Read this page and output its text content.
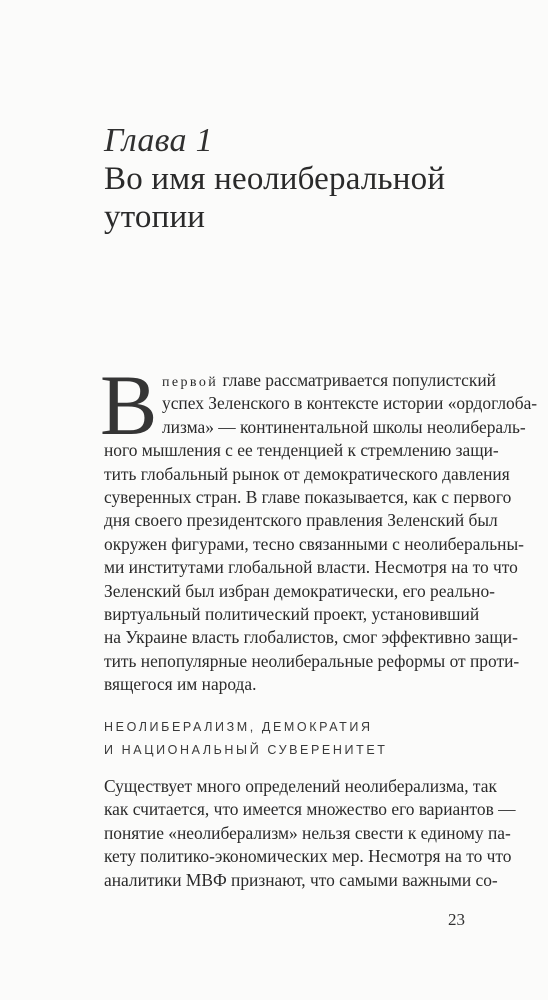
Глава 1
Во имя неолиберальной
утопии
В первой главе рассматривается популистский
успех Зеленского в контексте истории «ордоглоба-
лизма» — континентальной школы неолибераль-
ного мышления с ее тенденцией к стремлению защи-
тить глобальный рынок от демократического давления
суверенных стран. В главе показывается, как с первого
дня своего президентского правления Зеленский был
окружен фигурами, тесно связанными с неолиберальны-
ми институтами глобальной власти. Несмотря на то что
Зеленский был избран демократически, его реально-
виртуальный политический проект, установивший
на Украине власть глобалистов, смог эффективно защи-
тить непопулярные неолиберальные реформы от проти-
вящегося им народа.
НЕОЛИБЕРАЛИЗМ, ДЕМОКРАТИЯ
И НАЦИОНАЛЬНЫЙ СУВЕРЕНИТЕТ
Существует много определений неолиберализма, так
как считается, что имеется множество его вариантов —
понятие «неолиберализм» нельзя свести к единому па-
кету политико-экономических мер. Несмотря на то что
аналитики МВФ признают, что самыми важными со-
23
